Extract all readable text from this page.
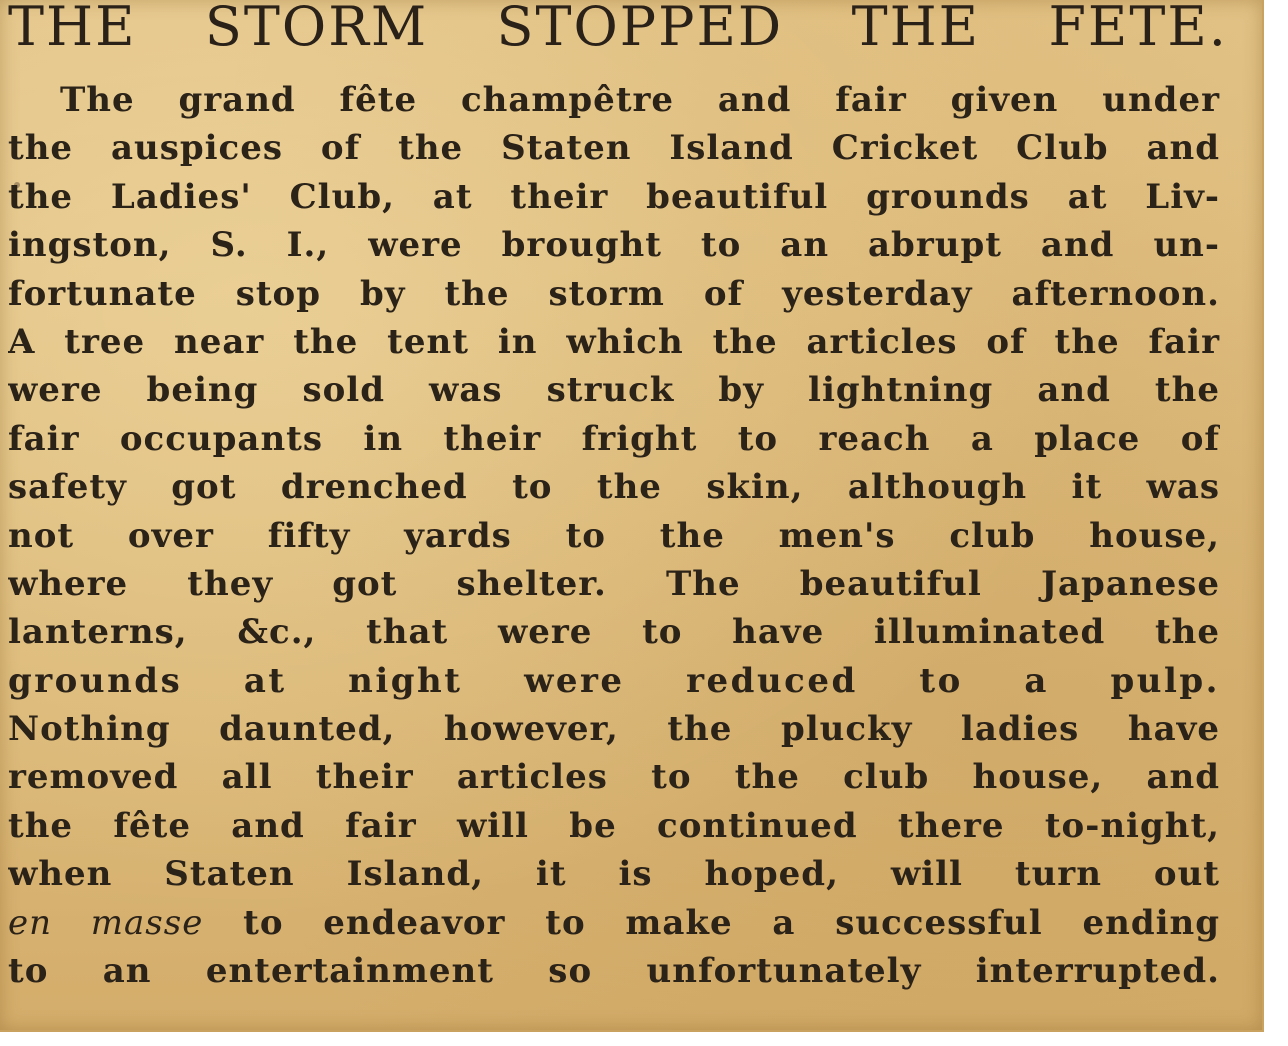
THE STORM STOPPED THE FETE.
The grand fête champêtre and fair given under
the auspices of the Staten Island Cricket Club and
the Ladies' Club, at their beautiful grounds at Liv-
ingston, S. I., were brought to an abrupt and un-
fortunate stop by the storm of yesterday afternoon.
A tree near the tent in which the articles of the fair
were being sold was struck by lightning and the
fair occupants in their fright to reach a place of
safety got drenched to the skin, although it was
not over fifty yards to the men's club house,
where they got shelter. The beautiful Japanese
lanterns, &c., that were to have illuminated the
grounds at night were reduced to a pulp.
Nothing daunted, however, the plucky ladies have
removed all their articles to the club house, and
the fête and fair will be continued there to-night,
when Staten Island, it is hoped, will turn out
en masse to endeavor to make a successful ending
to an entertainment so unfortunately interrupted.
